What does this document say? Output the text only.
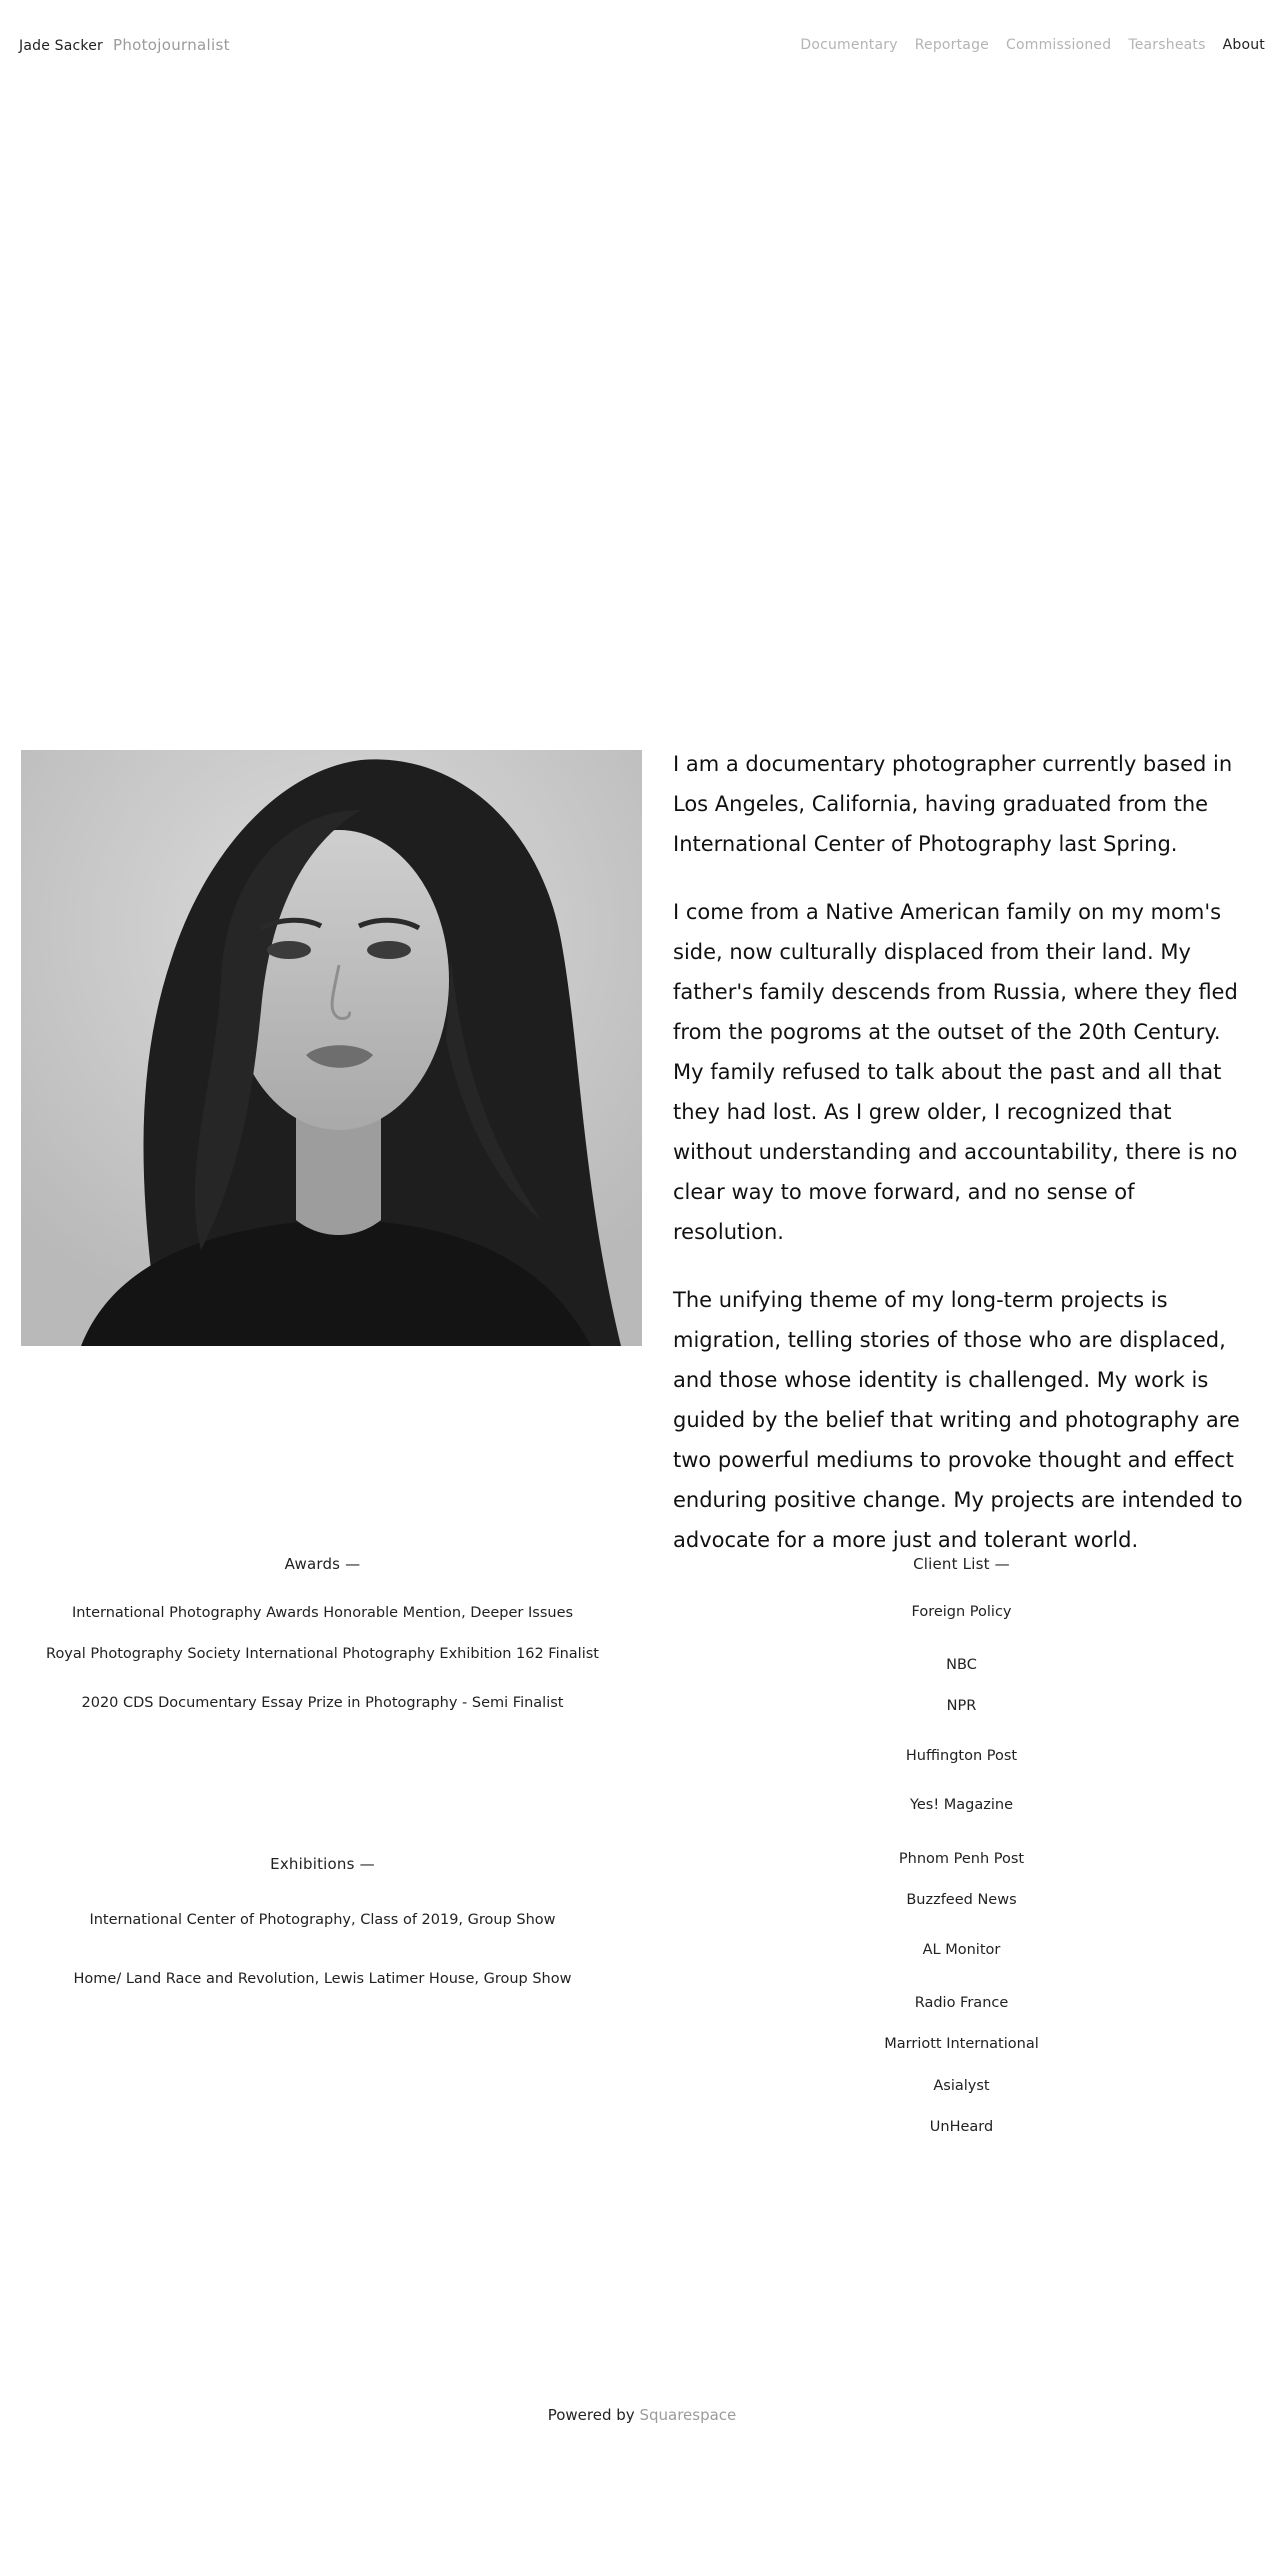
Jade Sacker Photojournalist	Documentary Reportage Commissioned Tearsheats About

I am a documentary photographer currently based in Los Angeles, California, having graduated from the International Center of Photography last Spring.

I come from a Native American family on my mom's side, now culturally displaced from their land. My father's family descends from Russia, where they fled from the pogroms at the outset of the 20th Century. My family refused to talk about the past and all that they had lost. As I grew older, I recognized that without understanding and accountability, there is no clear way to move forward, and no sense of resolution.

The unifying theme of my long-term projects is migration, telling stories of those who are displaced, and those whose identity is challenged. My work is guided by the belief that writing and photography are two powerful mediums to provoke thought and effect enduring positive change. My projects are intended to advocate for a more just and tolerant world.

Awards —
International Photography Awards Honorable Mention, Deeper Issues
Royal Photography Society International Photography Exhibition 162 Finalist
2020 CDS Documentary Essay Prize in Photography - Semi Finalist
Exhibitions —
International Center of Photography, Class of 2019, Group Show
Home/ Land Race and Revolution, Lewis Latimer House, Group Show
Client List —
Foreign Policy
NBC
NPR
Huffington Post
Yes! Magazine
Phnom Penh Post
Buzzfeed News
AL Monitor
Radio France
Marriott International
Asialyst
UnHeard
Powered by Squarespace
